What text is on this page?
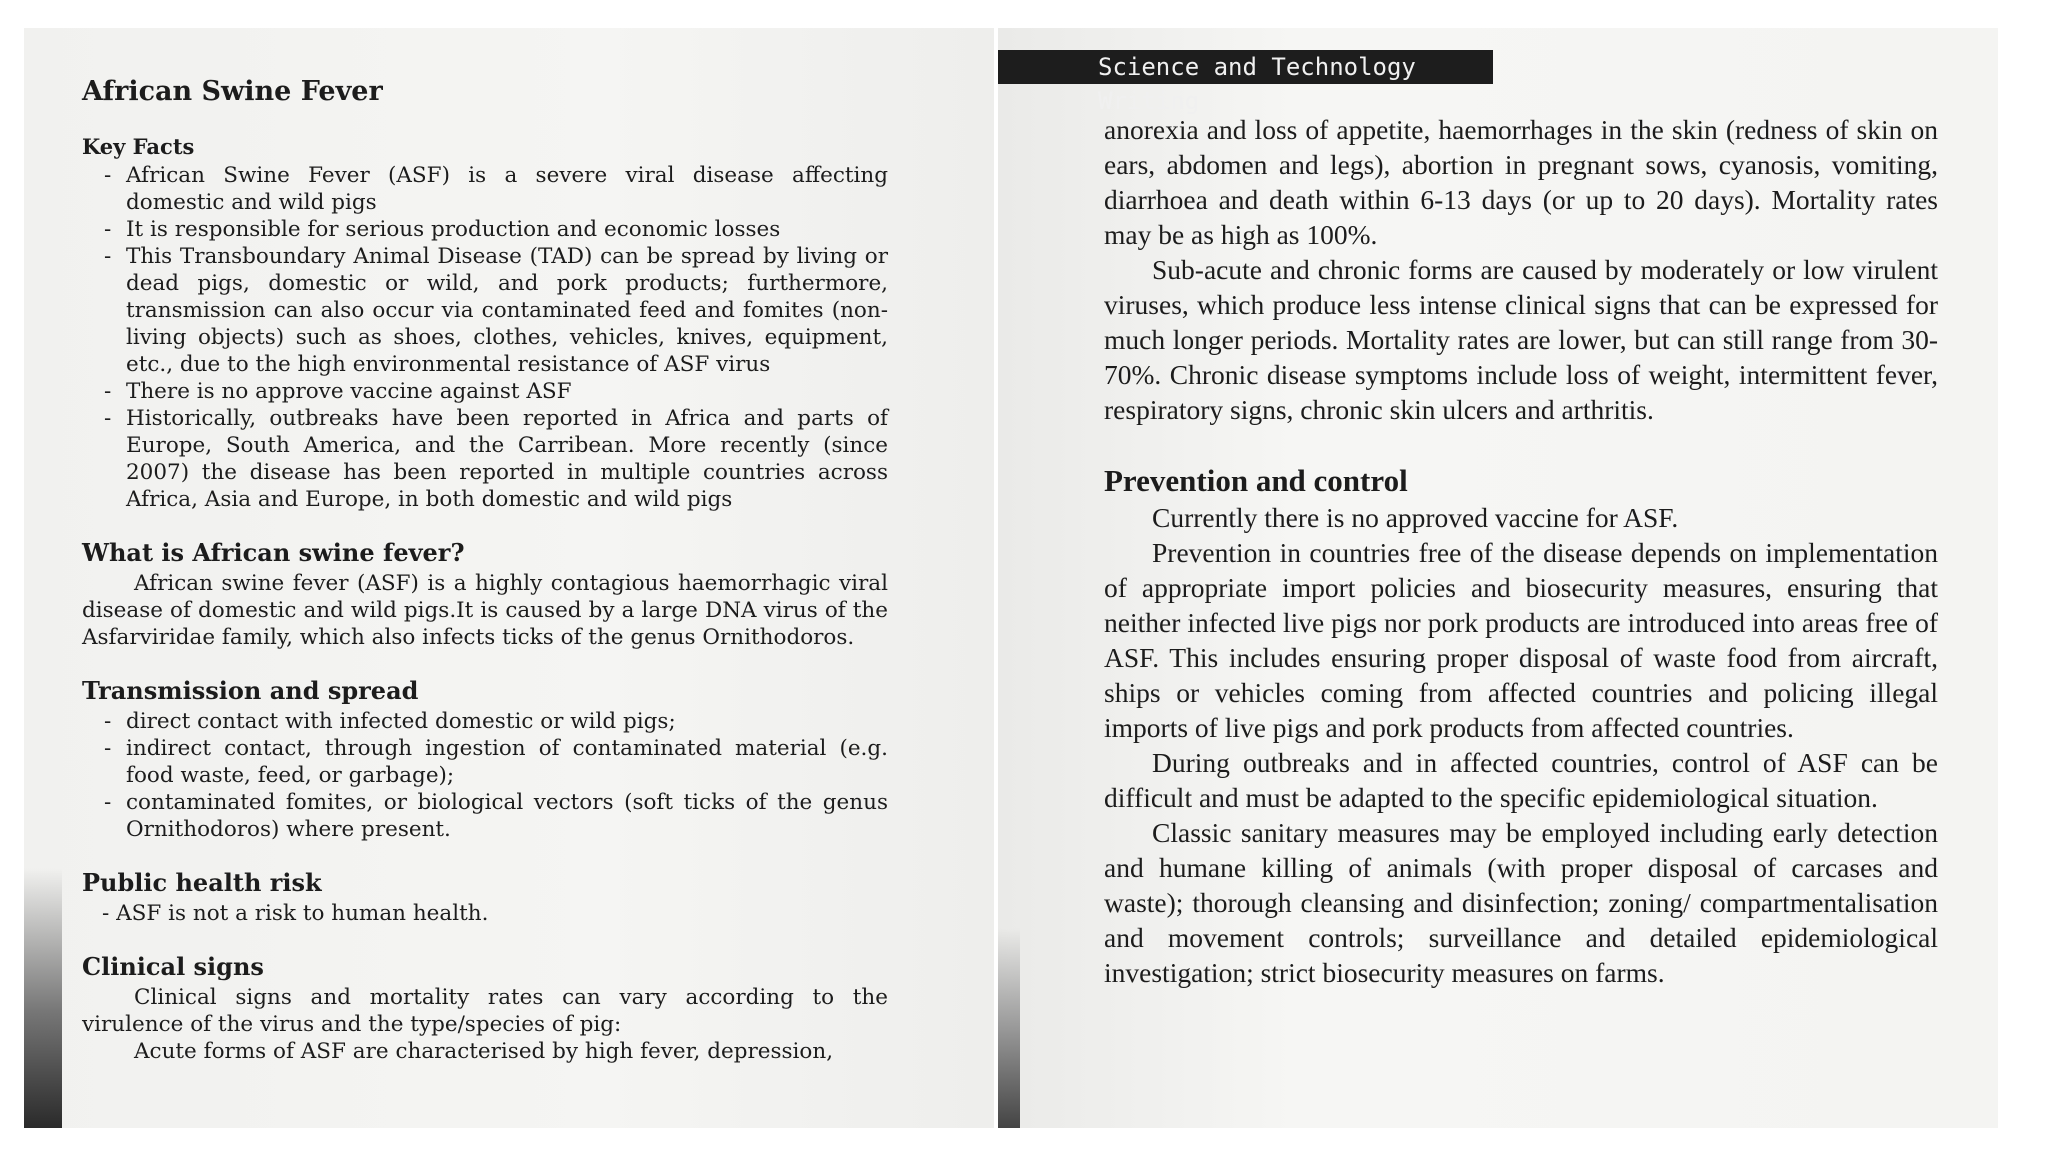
African Swine Fever
Key Facts
- African Swine Fever (ASF) is a severe viral disease affecting domestic and wild pigs
- It is responsible for serious production and economic losses
- This Transboundary Animal Disease (TAD) can be spread by living or dead pigs, domestic or wild, and pork products; furthermore, transmission can also occur via contaminated feed and fomites (non-living objects) such as shoes, clothes, vehicles, knives, equipment, etc., due to the high environmental resistance of ASF virus
- There is no approve vaccine against ASF
- Historically, outbreaks have been reported in Africa and parts of Europe, South America, and the Carribean. More recently (since 2007) the disease has been reported in multiple countries across Africa, Asia and Europe, in both domestic and wild pigs
What is African swine fever?
African swine fever (ASF) is a highly contagious haemorrhagic viral disease of domestic and wild pigs.It is caused by a large DNA virus of the Asfarviridae family, which also infects ticks of the genus Ornithodoros.
Transmission and spread
- direct contact with infected domestic or wild pigs;
- indirect contact, through ingestion of contaminated material (e.g. food waste, feed, or garbage);
- contaminated fomites, or biological vectors (soft ticks of the genus Ornithodoros) where present.
Public health risk
- ASF is not a risk to human health.
Clinical signs
Clinical signs and mortality rates can vary according to the virulence of the virus and the type/species of pig:
Acute forms of ASF are characterised by high fever, depression,
Science and Technology Writing

anorexia and loss of appetite, haemorrhages in the skin (redness of skin on ears, abdomen and legs), abortion in pregnant sows, cyanosis, vomiting, diarrhoea and death within 6-13 days (or up to 20 days). Mortality rates may be as high as 100%.

Sub-acute and chronic forms are caused by moderately or low virulent viruses, which produce less intense clinical signs that can be expressed for much longer periods. Mortality rates are lower, but can still range from 30-70%. Chronic disease symptoms include loss of weight, intermittent fever, respiratory signs, chronic skin ulcers and arthritis.

Prevention and control

Currently there is no approved vaccine for ASF.

Prevention in countries free of the disease depends on implementation of appropriate import policies and biosecurity measures, ensuring that neither infected live pigs nor pork products are introduced into areas free of ASF. This includes ensuring proper disposal of waste food from aircraft, ships or vehicles coming from affected countries and policing illegal imports of live pigs and pork products from affected countries.

During outbreaks and in affected countries, control of ASF can be difficult and must be adapted to the specific epidemiological situation.

Classic sanitary measures may be employed including early detection and humane killing of animals (with proper disposal of carcases and waste); thorough cleansing and disinfection; zoning/ compartmentalisation and movement controls; surveillance and detailed epidemiological investigation; strict biosecurity measures on farms.
